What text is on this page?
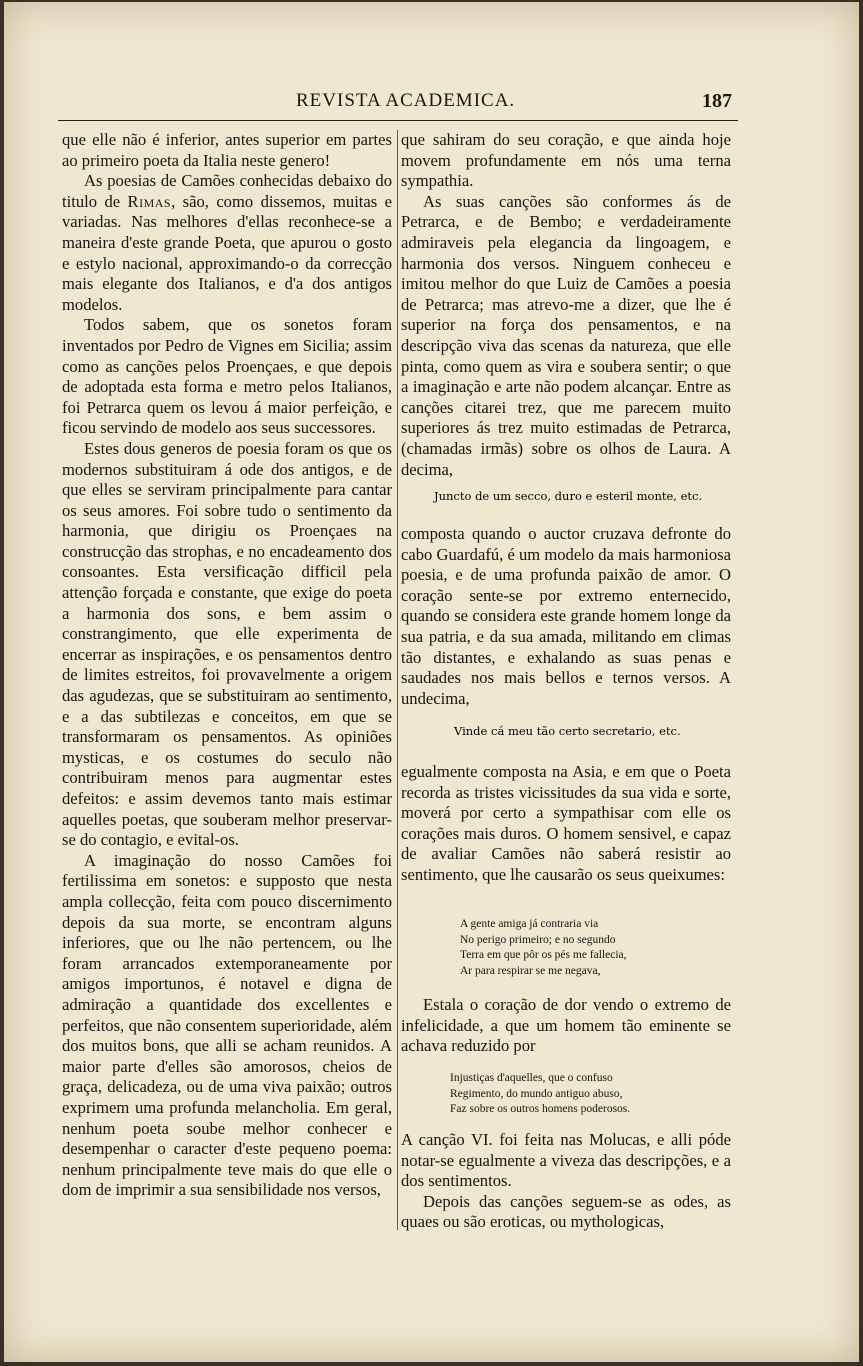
REVISTA ACADEMICA.	187

que elle não é inferior, antes superior em partes ao primeiro poeta da Italia neste genero!

As poesias de Camões conhecidas debaixo do titulo de Rimas, são, como dissemos, muitas e variadas. Nas melhores d'ellas reconhece-se a maneira d'este grande Poeta, que apurou o gosto e estylo nacional, approximando-o da correcção mais elegante dos Italianos, e d'a dos antigos modelos.

Todos sabem, que os sonetos foram inventados por Pedro de Vignes em Sicilia; assim como as canções pelos Proençaes, e que depois de adoptada esta forma e metro pelos Italianos, foi Petrarca quem os levou á maior perfeição, e ficou servindo de modelo aos seus successores.

Estes dous generos de poesia foram os que os modernos substituiram á ode dos antigos, e de que elles se serviram principalmente para cantar os seus amores. Foi sobre tudo o sentimento da harmonia, que dirigiu os Proençaes na construcção das strophas, e no encadeamento dos consoantes. Esta versificação difficil pela attenção forçada e constante, que exige do poeta a harmonia dos sons, e bem assim o constrangimento, que elle experimenta de encerrar as inspirações, e os pensamentos dentro de limites estreitos, foi provavelmente a origem das agudezas, que se substituiram ao sentimento, e a das subtilezas e conceitos, em que se transformaram os pensamentos. As opiniões mysticas, e os costumes do seculo não contribuiram menos para augmentar estes defeitos: e assim devemos tanto mais estimar aquelles poetas, que souberam melhor preservar-se do contagio, e evital-os.

A imaginação do nosso Camões foi fertilissima em sonetos: e supposto que nesta ampla collecção, feita com pouco discernimento depois da sua morte, se encontram alguns inferiores, que ou lhe não pertencem, ou lhe foram arrancados extemporaneamente por amigos importunos, é notavel e digna de admiração a quantidade dos excellentes e perfeitos, que não consentem superioridade, além dos muitos bons, que alli se acham reunidos. A maior parte d'elles são amorosos, cheios de graça, delicadeza, ou de uma viva paixão; outros exprimem uma profunda melancholia. Em geral, nenhum poeta soube melhor conhecer e desempenhar o caracter d'este pequeno poema: nenhum principalmente teve mais do que elle o dom de imprimir a sua sensibilidade nos versos,

que sahiram do seu coração, e que ainda hoje movem profundamente em nós uma terna sympathia.

As suas canções são conformes ás de Petrarca, e de Bembo; e verdadeiramente admiraveis pela elegancia da lingoagem, e harmonia dos versos. Ninguem conheceu e imitou melhor do que Luiz de Camões a poesia de Petrarca; mas atrevo-me a dizer, que lhe é superior na força dos pensamentos, e na descripção viva das scenas da natureza, que elle pinta, como quem as vira e soubera sentir; o que a imaginação e arte não podem alcançar. Entre as canções citarei trez, que me parecem muito superiores ás trez muito estimadas de Petrarca, (chamadas irmãs) sobre os olhos de Laura. A decima,

Juncto de um secco, duro e esteril monte, etc.

composta quando o auctor cruzava defronte do cabo Guardafú, é um modelo da mais harmoniosa poesia, e de uma profunda paixão de amor. O coração sente-se por extremo enternecido, quando se considera este grande homem longe da sua patria, e da sua amada, militando em climas tão distantes, e exhalando as suas penas e saudades nos mais bellos e ternos versos. A undecima,

Vinde cá meu tão certo secretario, etc.

egualmente composta na Asia, e em que o Poeta recorda as tristes vicissitudes da sua vida e sorte, moverá por certo a sympathisar com elle os corações mais duros. O homem sensivel, e capaz de avaliar Camões não saberá resistir ao sentimento, que lhe causarão os seus queixumes:

A gente amiga já contraria via
No perigo primeiro; e no segundo
Terra em que pôr os pés me fallecia,
Ar para respirar se me negava,

Estala o coração de dor vendo o extremo de infelicidade, a que um homem tão eminente se achava reduzido por

Injustiças d'aquelles, que o confuso
Regimento, do mundo antiguo abuso,
Faz sobre os outros homens poderosos.

A canção VI. foi feita nas Molucas, e alli póde notar-se egualmente a viveza das descripções, e a dos sentimentos.

Depois das canções seguem-se as odes, as quaes ou são eroticas, ou mythologicas,
